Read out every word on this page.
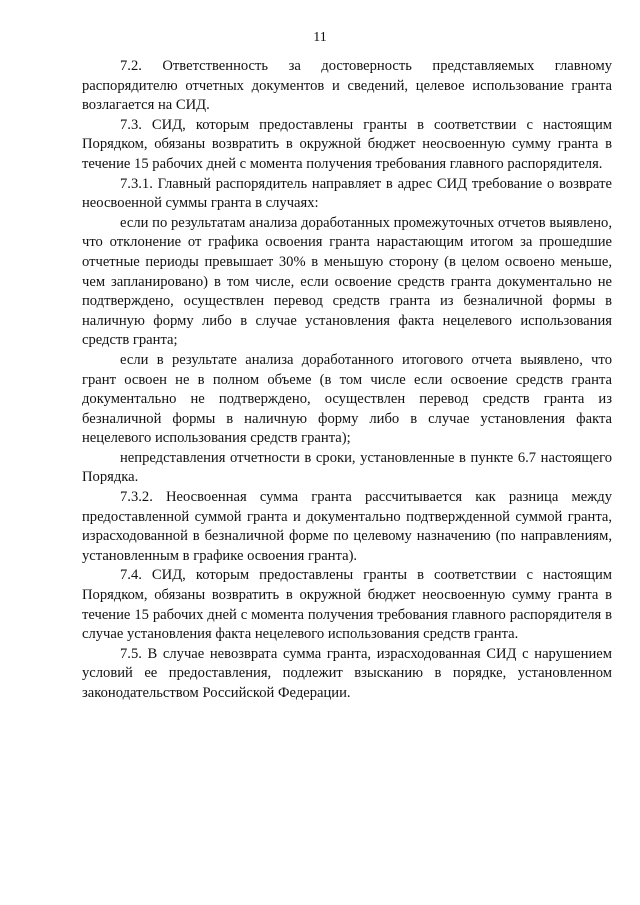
11

7.2. Ответственность за достоверность представляемых главному распорядителю отчетных документов и сведений, целевое использование гранта возлагается на СИД.

7.3. СИД, которым предоставлены гранты в соответствии с настоящим Порядком, обязаны возвратить в окружной бюджет неосвоенную сумму гранта в течение 15 рабочих дней с момента получения требования главного распорядителя.

7.3.1. Главный распорядитель направляет в адрес СИД требование о возврате неосвоенной суммы гранта в случаях:

если по результатам анализа доработанных промежуточных отчетов выявлено, что отклонение от графика освоения гранта нарастающим итогом за прошедшие отчетные периоды превышает 30% в меньшую сторону (в целом освоено меньше, чем запланировано) в том числе, если освоение средств гранта документально не подтверждено, осуществлен перевод средств гранта из безналичной формы в наличную форму либо в случае установления факта нецелевого использования средств гранта;

если в результате анализа доработанного итогового отчета выявлено, что грант освоен не в полном объеме (в том числе если освоение средств гранта документально не подтверждено, осуществлен перевод средств гранта из безналичной формы в наличную форму либо в случае установления факта нецелевого использования средств гранта);

непредставления отчетности в сроки, установленные в пункте 6.7 настоящего Порядка.

7.3.2. Неосвоенная сумма гранта рассчитывается как разница между предоставленной суммой гранта и документально подтвержденной суммой гранта, израсходованной в безналичной форме по целевому назначению (по направлениям, установленным в графике освоения гранта).

7.4. СИД, которым предоставлены гранты в соответствии с настоящим Порядком, обязаны возвратить в окружной бюджет неосвоенную сумму гранта в течение 15 рабочих дней с момента получения требования главного распорядителя в случае установления факта нецелевого использования средств гранта.

7.5. В случае невозврата сумма гранта, израсходованная СИД с нарушением условий ее предоставления, подлежит взысканию в порядке, установленном законодательством Российской Федерации.
